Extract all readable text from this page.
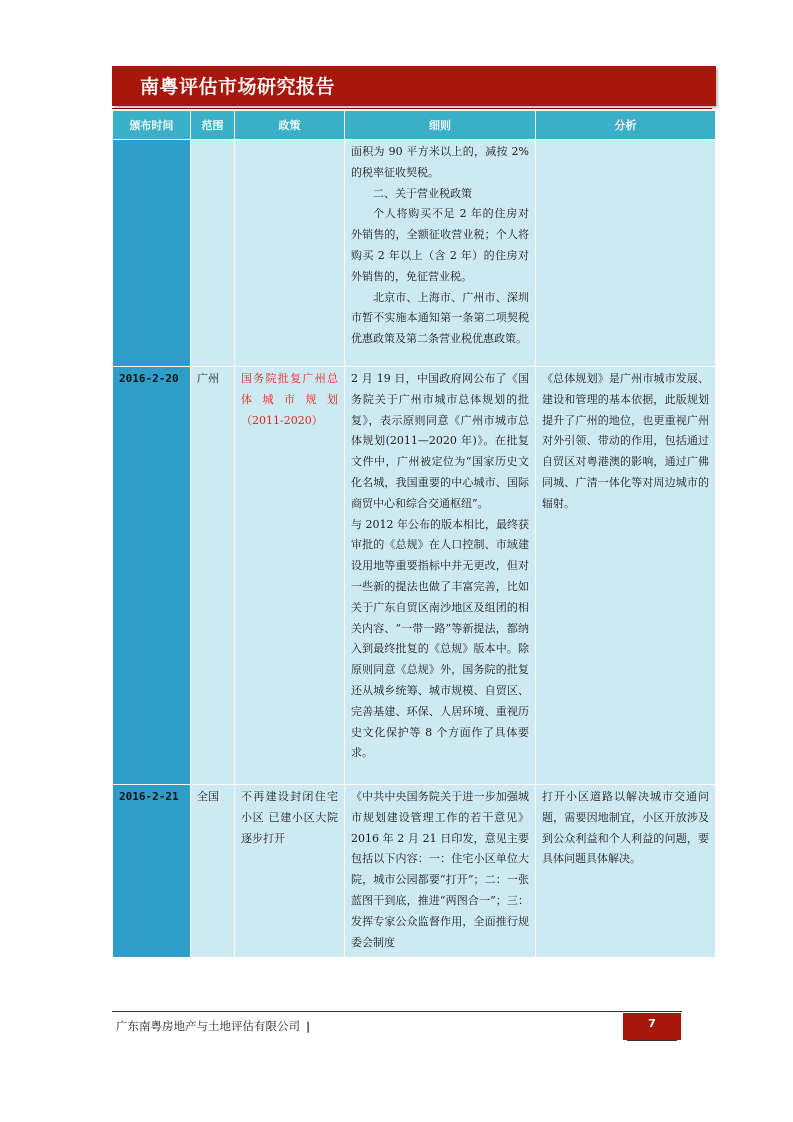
南粤评估市场研究报告
颁布时间	范围	政策	细则	分析

			面积为 90 平方米以上的，减按 2%的税率征收契税。

二、关于营业税政策

个人将购买不足 2 年的住房对外销售的，全额征收营业税；个人将购买 2 年以上（含 2 年）的住房对外销售的，免征营业税。

北京市、上海市、广州市、深圳市暂不实施本通知第一条第二项契税优惠政策及第二条营业税优惠政策。	

2016-2-20	广州	国务院批复广州总体城市规划（2011-2020）	2 月 19 日，中国政府网公布了《国务院关于广州市城市总体规划的批复》，表示原则同意《广州市城市总体规划(2011—2020 年)》。在批复文件中，广州被定位为“国家历史文化名城，我国重要的中心城市、国际商贸中心和综合交通枢纽”。

与 2012 年公布的版本相比，最终获审批的《总规》在人口控制、市域建设用地等重要指标中并无更改，但对一些新的提法也做了丰富完善，比如关于广东自贸区南沙地区及组团的相关内容、“一带一路”等新提法，都纳入到最终批复的《总规》版本中。除原则同意《总规》外，国务院的批复还从城乡统筹、城市规模、自贸区、完善基建、环保、人居环境、重视历史文化保护等 8 个方面作了具体要求。	《总体规划》是广州市城市发展、建设和管理的基本依据，此版规划提升了广州的地位，也更重视广州对外引领、带动的作用，包括通过自贸区对粤港澳的影响，通过广佛同城、广清一体化等对周边城市的辐射。
2016-2-21	全国	不再建设封闭住宅小区 已建小区大院逐步打开	《中共中央国务院关于进一步加强城市规划建设管理工作的若干意见》2016 年 2 月 21 日印发，意见主要包括以下内容：一：住宅小区单位大院，城市公园都要“打开”；二：一张蓝图干到底，推进“两图合一”；三：发挥专家公众监督作用，全面推行规委会制度	打开小区道路以解决城市交通问题，需要因地制宜，小区开放涉及到公众利益和个人利益的问题，要具体问题具体解决。
广东南粤房地产与土地评估有限公司 |	7
